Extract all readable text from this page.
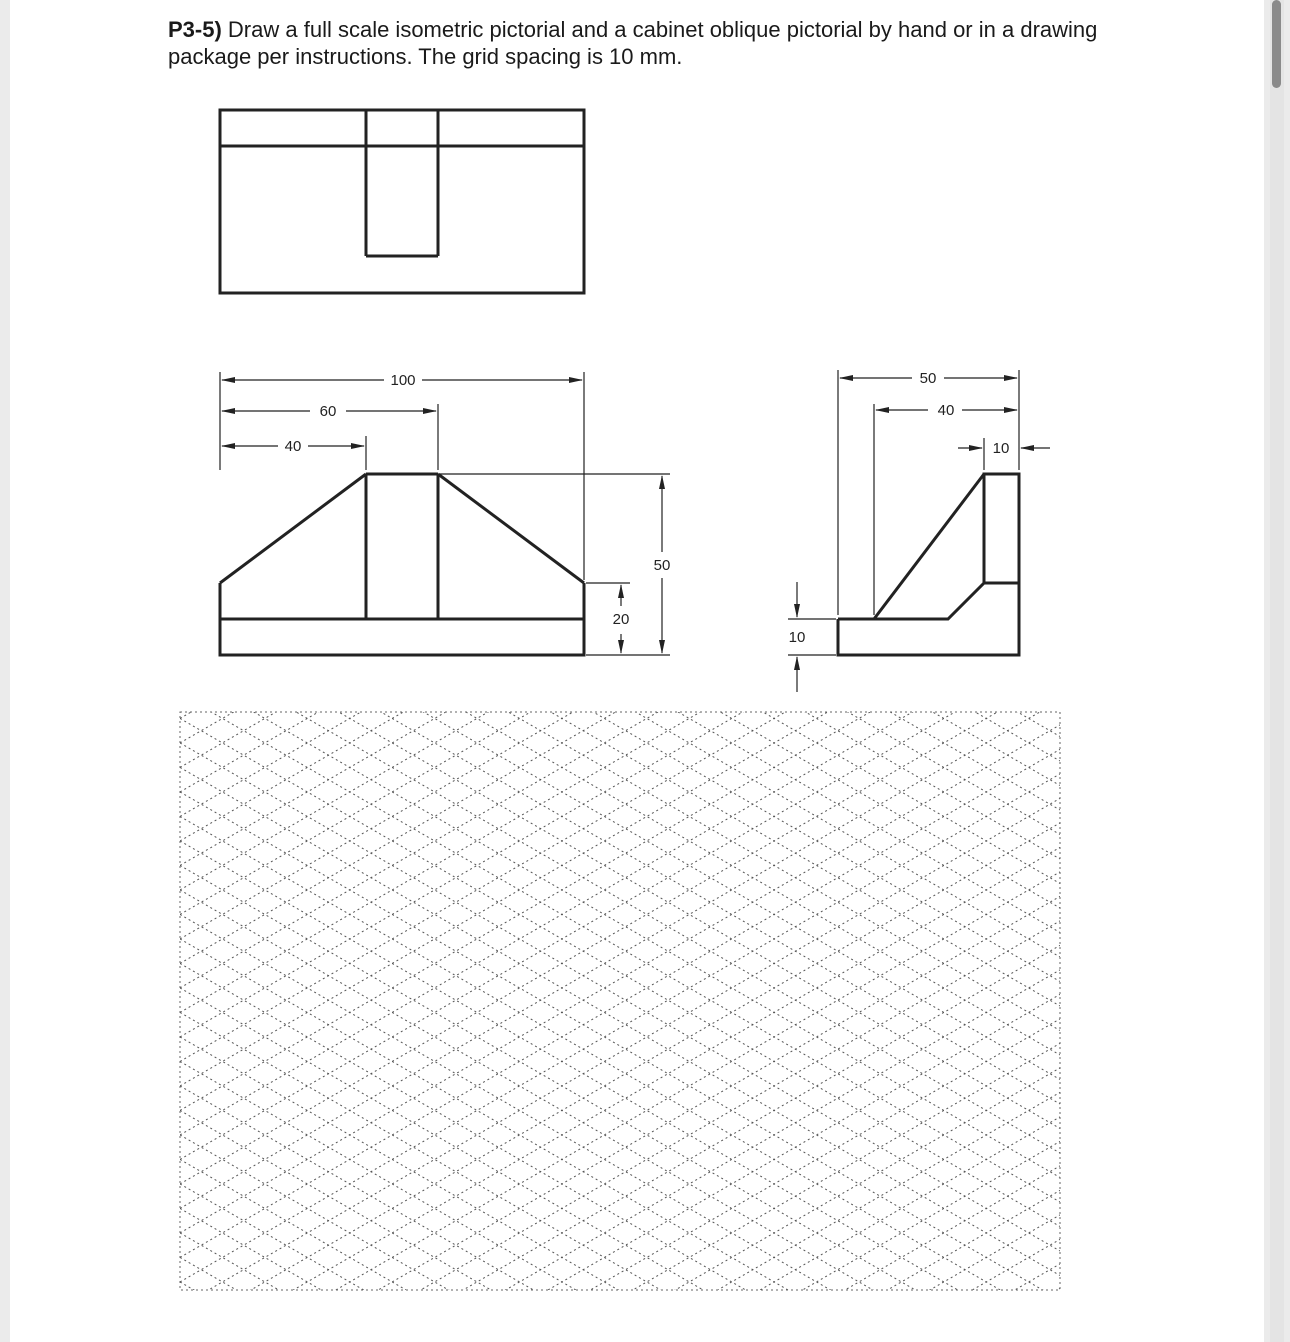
P3-5) Draw a full scale isometric pictorial and a cabinet oblique pictorial by hand or in a drawing package per instructions. The grid spacing is 10 mm.

100
60
40
50
20
50
40
10
10
